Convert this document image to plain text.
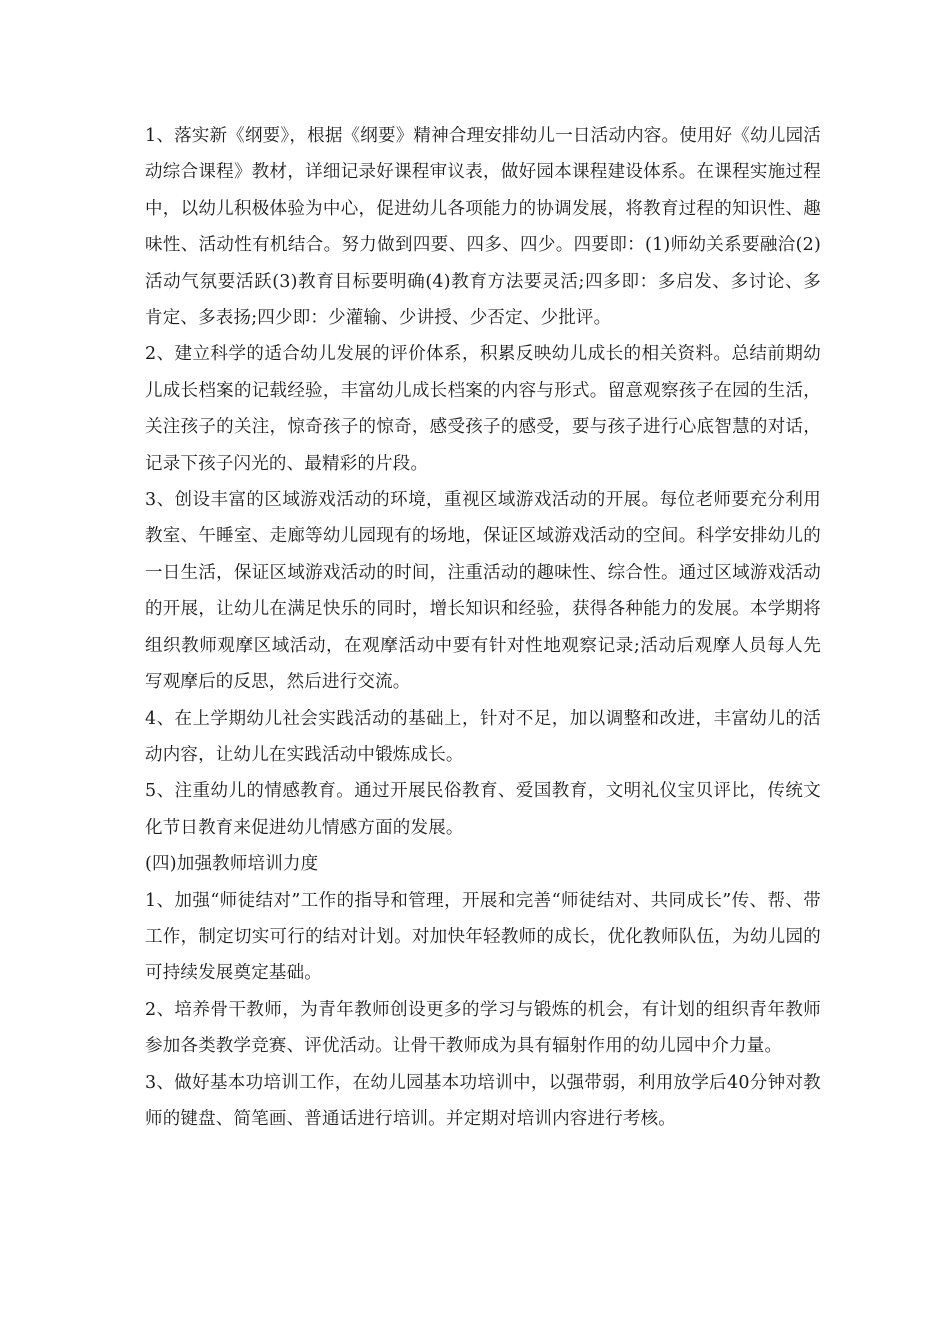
1、落实新《纲要》，根据《纲要》精神合理安排幼儿一日活动内容。使用好《幼儿园活动综合课程》教材，详细记录好课程审议表，做好园本课程建设体系。在课程实施过程中，以幼儿积极体验为中心，促进幼儿各项能力的协调发展，将教育过程的知识性、趣味性、活动性有机结合。努力做到四要、四多、四少。四要即：(1)师幼关系要融洽(2)活动气氛要活跃(3)教育目标要明确(4)教育方法要灵活;四多即：多启发、多讨论、多肯定、多表扬;四少即：少灌输、少讲授、少否定、少批评。

2、建立科学的适合幼儿发展的评价体系，积累反映幼儿成长的相关资料。总结前期幼儿成长档案的记载经验，丰富幼儿成长档案的内容与形式。留意观察孩子在园的生活，关注孩子的关注，惊奇孩子的惊奇，感受孩子的感受，要与孩子进行心底智慧的对话，记录下孩子闪光的、最精彩的片段。

3、创设丰富的区域游戏活动的环境，重视区域游戏活动的开展。每位老师要充分利用教室、午睡室、走廊等幼儿园现有的场地，保证区域游戏活动的空间。科学安排幼儿的一日生活，保证区域游戏活动的时间，注重活动的趣味性、综合性。通过区域游戏活动的开展，让幼儿在满足快乐的同时，增长知识和经验，获得各种能力的发展。本学期将组织教师观摩区域活动，在观摩活动中要有针对性地观察记录;活动后观摩人员每人先写观摩后的反思，然后进行交流。

4、在上学期幼儿社会实践活动的基础上，针对不足，加以调整和改进，丰富幼儿的活动内容，让幼儿在实践活动中锻炼成长。

5、注重幼儿的情感教育。通过开展民俗教育、爱国教育，文明礼仪宝贝评比，传统文化节日教育来促进幼儿情感方面的发展。

(四)加强教师培训力度

1、加强“师徒结对”工作的指导和管理，开展和完善“师徒结对、共同成长”传、帮、带工作，制定切实可行的结对计划。对加快年轻教师的成长，优化教师队伍，为幼儿园的可持续发展奠定基础。

2、培养骨干教师，为青年教师创设更多的学习与锻炼的机会，有计划的组织青年教师参加各类教学竞赛、评优活动。让骨干教师成为具有辐射作用的幼儿园中介力量。

3、做好基本功培训工作，在幼儿园基本功培训中，以强带弱，利用放学后40分钟对教师的键盘、简笔画、普通话进行培训。并定期对培训内容进行考核。
